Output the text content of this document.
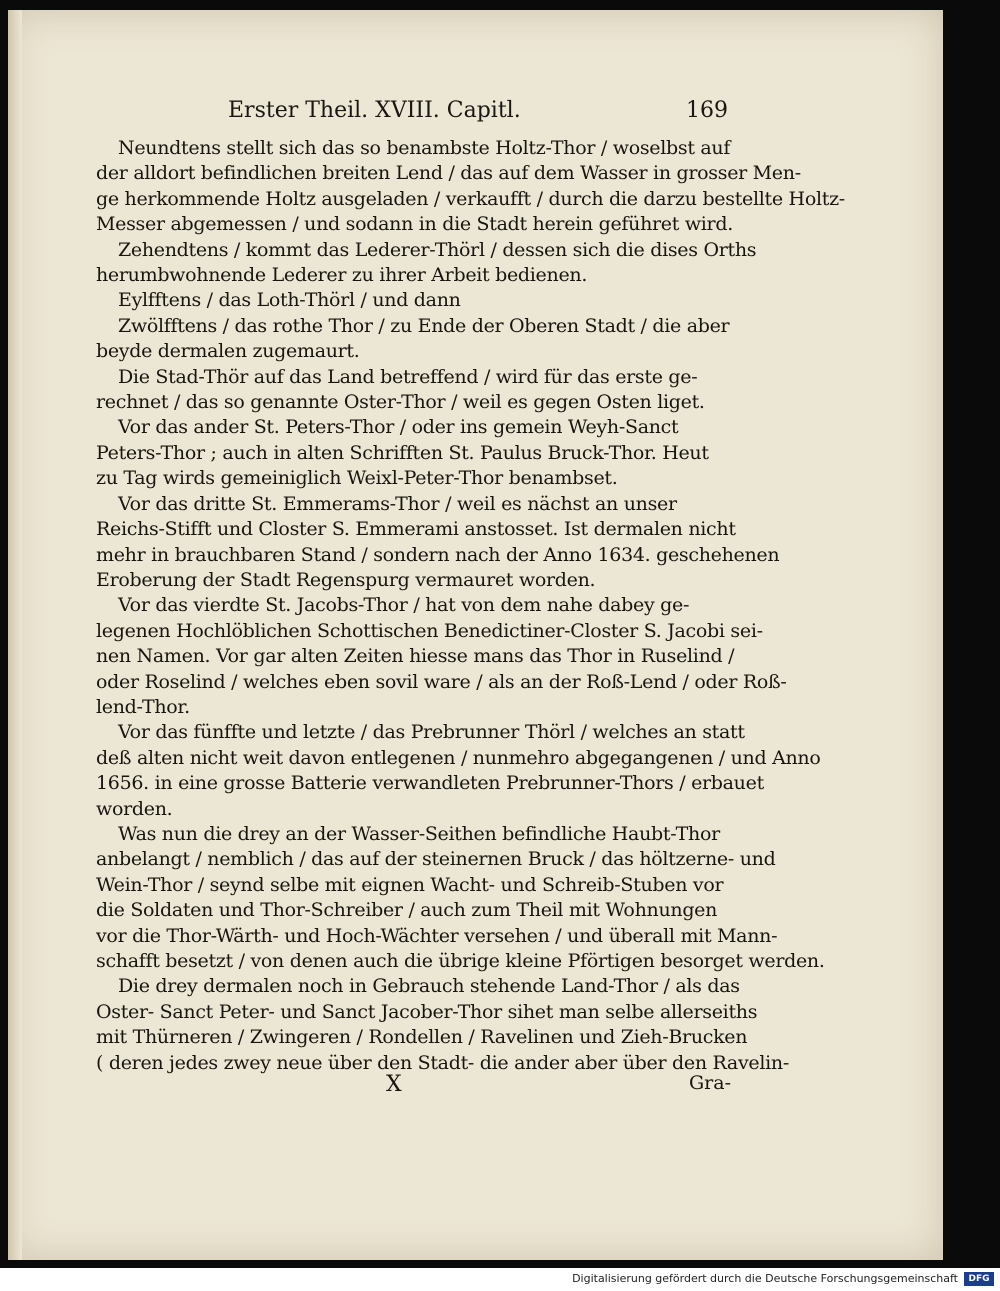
Erster Theil. XVIII. Capitl.	169
Neundtens stellt sich das so benambste Holtz-Thor / woselbst auf
der alldort befindlichen breiten Lend / das auf dem Wasser in grosser Men-
ge herkommende Holtz ausgeladen / verkaufft / durch die darzu bestellte Holtz-
Messer abgemessen / und sodann in die Stadt herein geführet wird.
Zehendtens / kommt das Lederer-Thörl / dessen sich die dises Orths
herumbwohnende Lederer zu ihrer Arbeit bedienen.
Eylfftens / das Loth-Thörl / und dann
Zwölfftens / das rothe Thor / zu Ende der Oberen Stadt / die aber
beyde dermalen zugemaurt.
Die Stad-Thör auf das Land betreffend / wird für das erste ge-
rechnet / das so genannte Oster-Thor / weil es gegen Osten liget.
Vor das ander St. Peters-Thor / oder ins gemein Weyh-Sanct
Peters-Thor ; auch in alten Schrifften St. Paulus Bruck-Thor. Heut
zu Tag wirds gemeiniglich Weixl-Peter-Thor benambset.
Vor das dritte St. Emmerams-Thor / weil es nächst an unser
Reichs-Stifft und Closter S. Emmerami anstosset. Ist dermalen nicht
mehr in brauchbaren Stand / sondern nach der Anno 1634. geschehenen
Eroberung der Stadt Regenspurg vermauret worden.
Vor das vierdte St. Jacobs-Thor / hat von dem nahe dabey ge-
legenen Hochlöblichen Schottischen Benedictiner-Closter S. Jacobi sei-
nen Namen. Vor gar alten Zeiten hiesse mans das Thor in Ruselind /
oder Roselind / welches eben sovil ware / als an der Roß-Lend / oder Roß-
lend-Thor.
Vor das fünffte und letzte / das Prebrunner Thörl / welches an statt
deß alten nicht weit davon entlegenen / nunmehro abgegangenen / und Anno
1656. in eine grosse Batterie verwandleten Prebrunner-Thors / erbauet
worden.
Was nun die drey an der Wasser-Seithen befindliche Haubt-Thor
anbelangt / nemblich / das auf der steinernen Bruck / das höltzerne- und
Wein-Thor / seynd selbe mit eignen Wacht- und Schreib-Stuben vor
die Soldaten und Thor-Schreiber / auch zum Theil mit Wohnungen
vor die Thor-Wärth- und Hoch-Wächter versehen / und überall mit Mann-
schafft besetzt / von denen auch die übrige kleine Pförtigen besorget werden.
Die drey dermalen noch in Gebrauch stehende Land-Thor / als das
Oster- Sanct Peter- und Sanct Jacober-Thor sihet man selbe allerseiths
mit Thürneren / Zwingeren / Rondellen / Ravelinen und Zieh-Brucken
( deren jedes zwey neue über den Stadt- die ander aber über den Ravelin-
X	Gra-
Digitalisierung gefördert durch die Deutsche Forschungsgemeinschaft	DFG
